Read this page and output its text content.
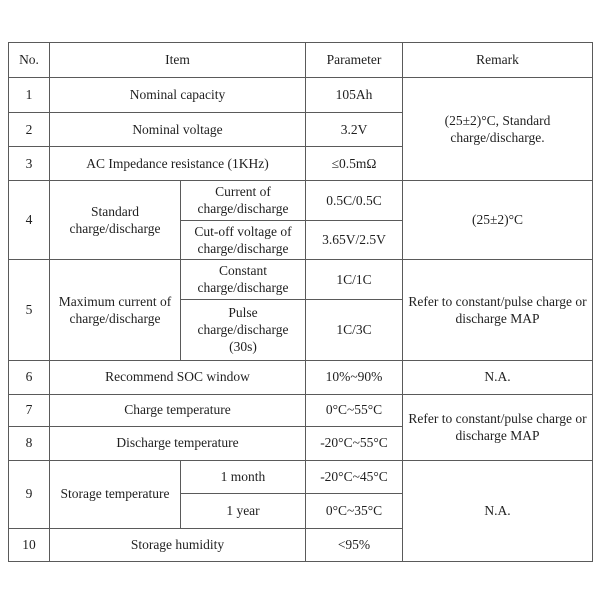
No.	Item		Parameter	Remark
1	Nominal capacity		105Ah	(25±2)°C, Standard charge/discharge.
2	Nominal voltage		3.2V	
3	AC Impedance resistance (1KHz)		≤0.5mΩ	
4	Standard charge/discharge	Current of charge/discharge	0.5C/0.5C	(25±2)°C
		Cut-off voltage of charge/discharge	3.65V/2.5V	
5	Maximum current of charge/discharge	Constant charge/discharge	1C/1C	Refer to constant/pulse charge or discharge MAP
		Pulse charge/discharge (30s)	1C/3C	
6	Recommend SOC window		10%~90%	N.A.
7	Charge temperature		0°C~55°C	Refer to constant/pulse charge or discharge MAP
8	Discharge temperature		-20°C~55°C	
9	Storage temperature	1 month	-20°C~45°C	N.A.
		1 year	0°C~35°C	
10	Storage humidity		<95%	
